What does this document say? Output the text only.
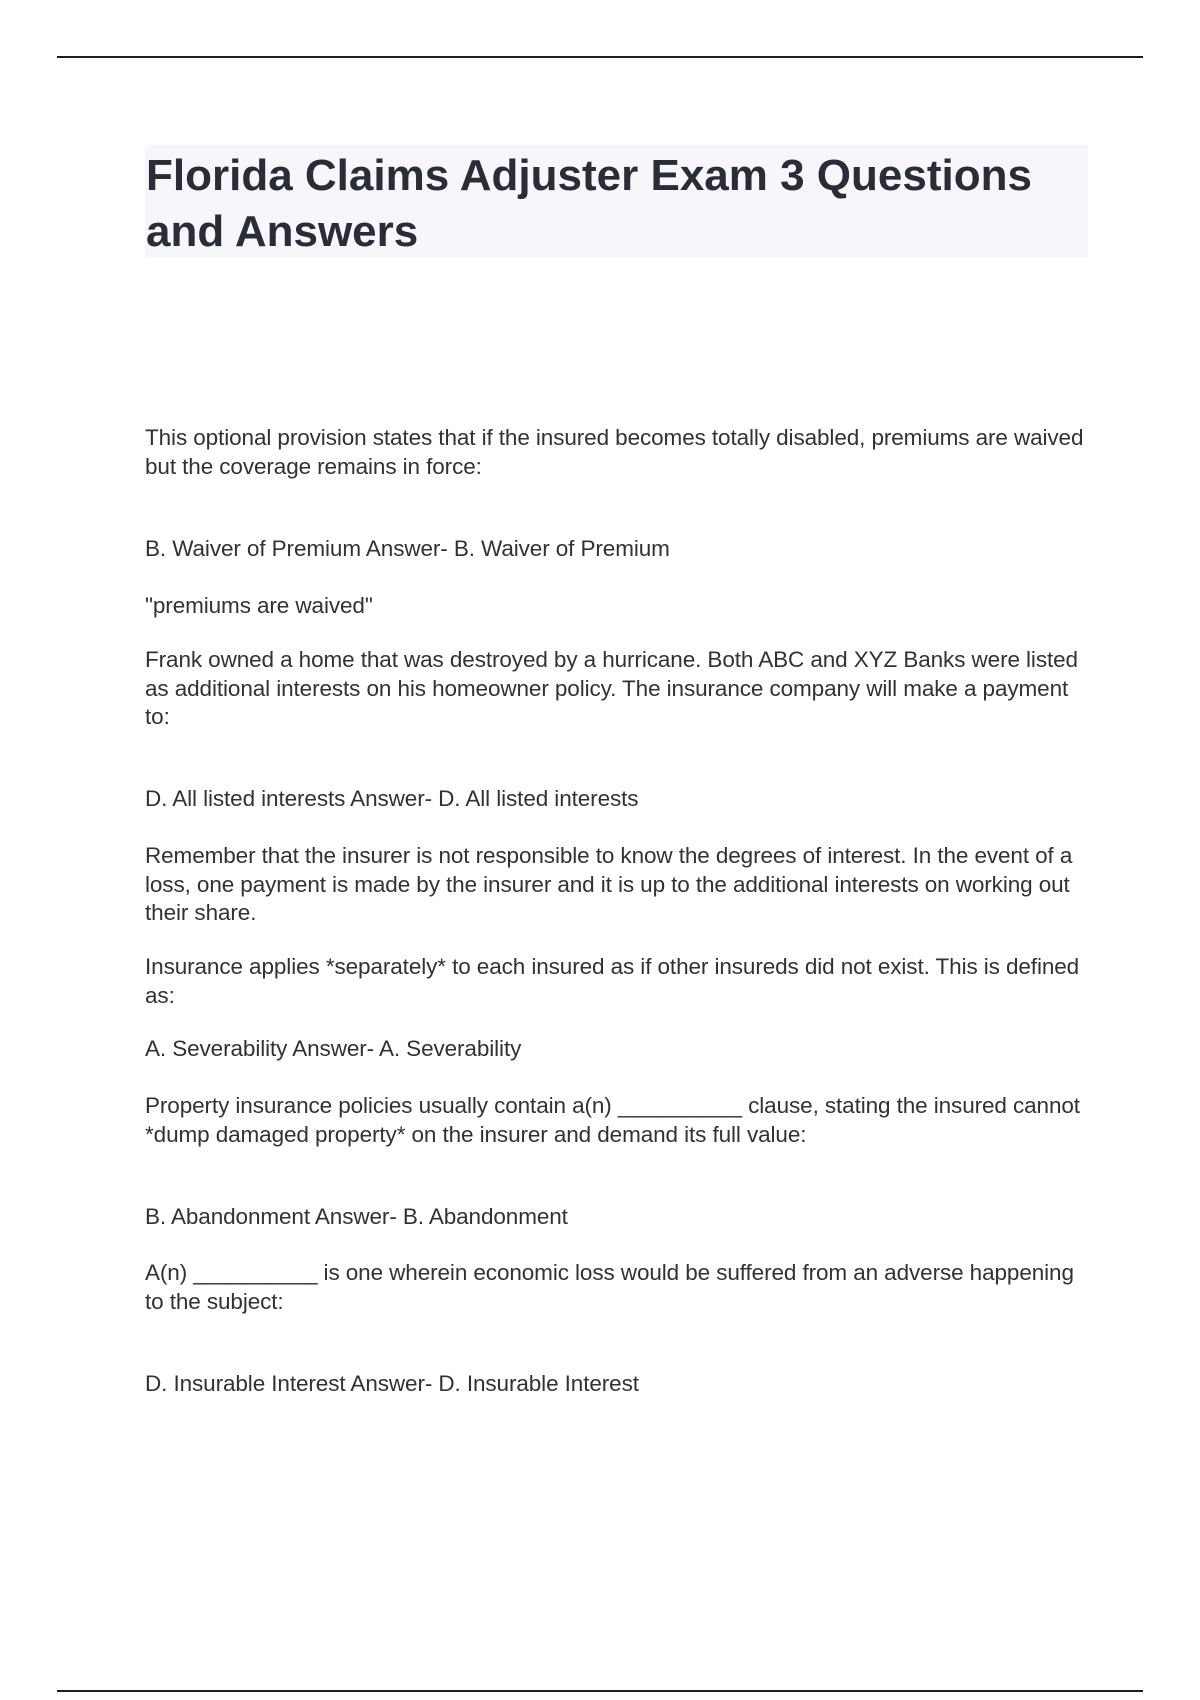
Florida Claims Adjuster Exam 3 Questions and Answers

This optional provision states that if the insured becomes totally disabled, premiums are waived but the coverage remains in force:

B. Waiver of Premium Answer- B. Waiver of Premium

"premiums are waived"

Frank owned a home that was destroyed by a hurricane. Both ABC and XYZ Banks were listed as additional interests on his homeowner policy. The insurance company will make a payment to:

D. All listed interests Answer- D. All listed interests

Remember that the insurer is not responsible to know the degrees of interest. In the event of a loss, one payment is made by the insurer and it is up to the additional interests on working out their share.

Insurance applies *separately* to each insured as if other insureds did not exist. This is defined as:

A. Severability Answer- A. Severability

Property insurance policies usually contain a(n) __________ clause, stating the insured cannot *dump damaged property* on the insurer and demand its full value:

B. Abandonment Answer- B. Abandonment

A(n) __________ is one wherein economic loss would be suffered from an adverse happening to the subject:

D. Insurable Interest Answer- D. Insurable Interest
